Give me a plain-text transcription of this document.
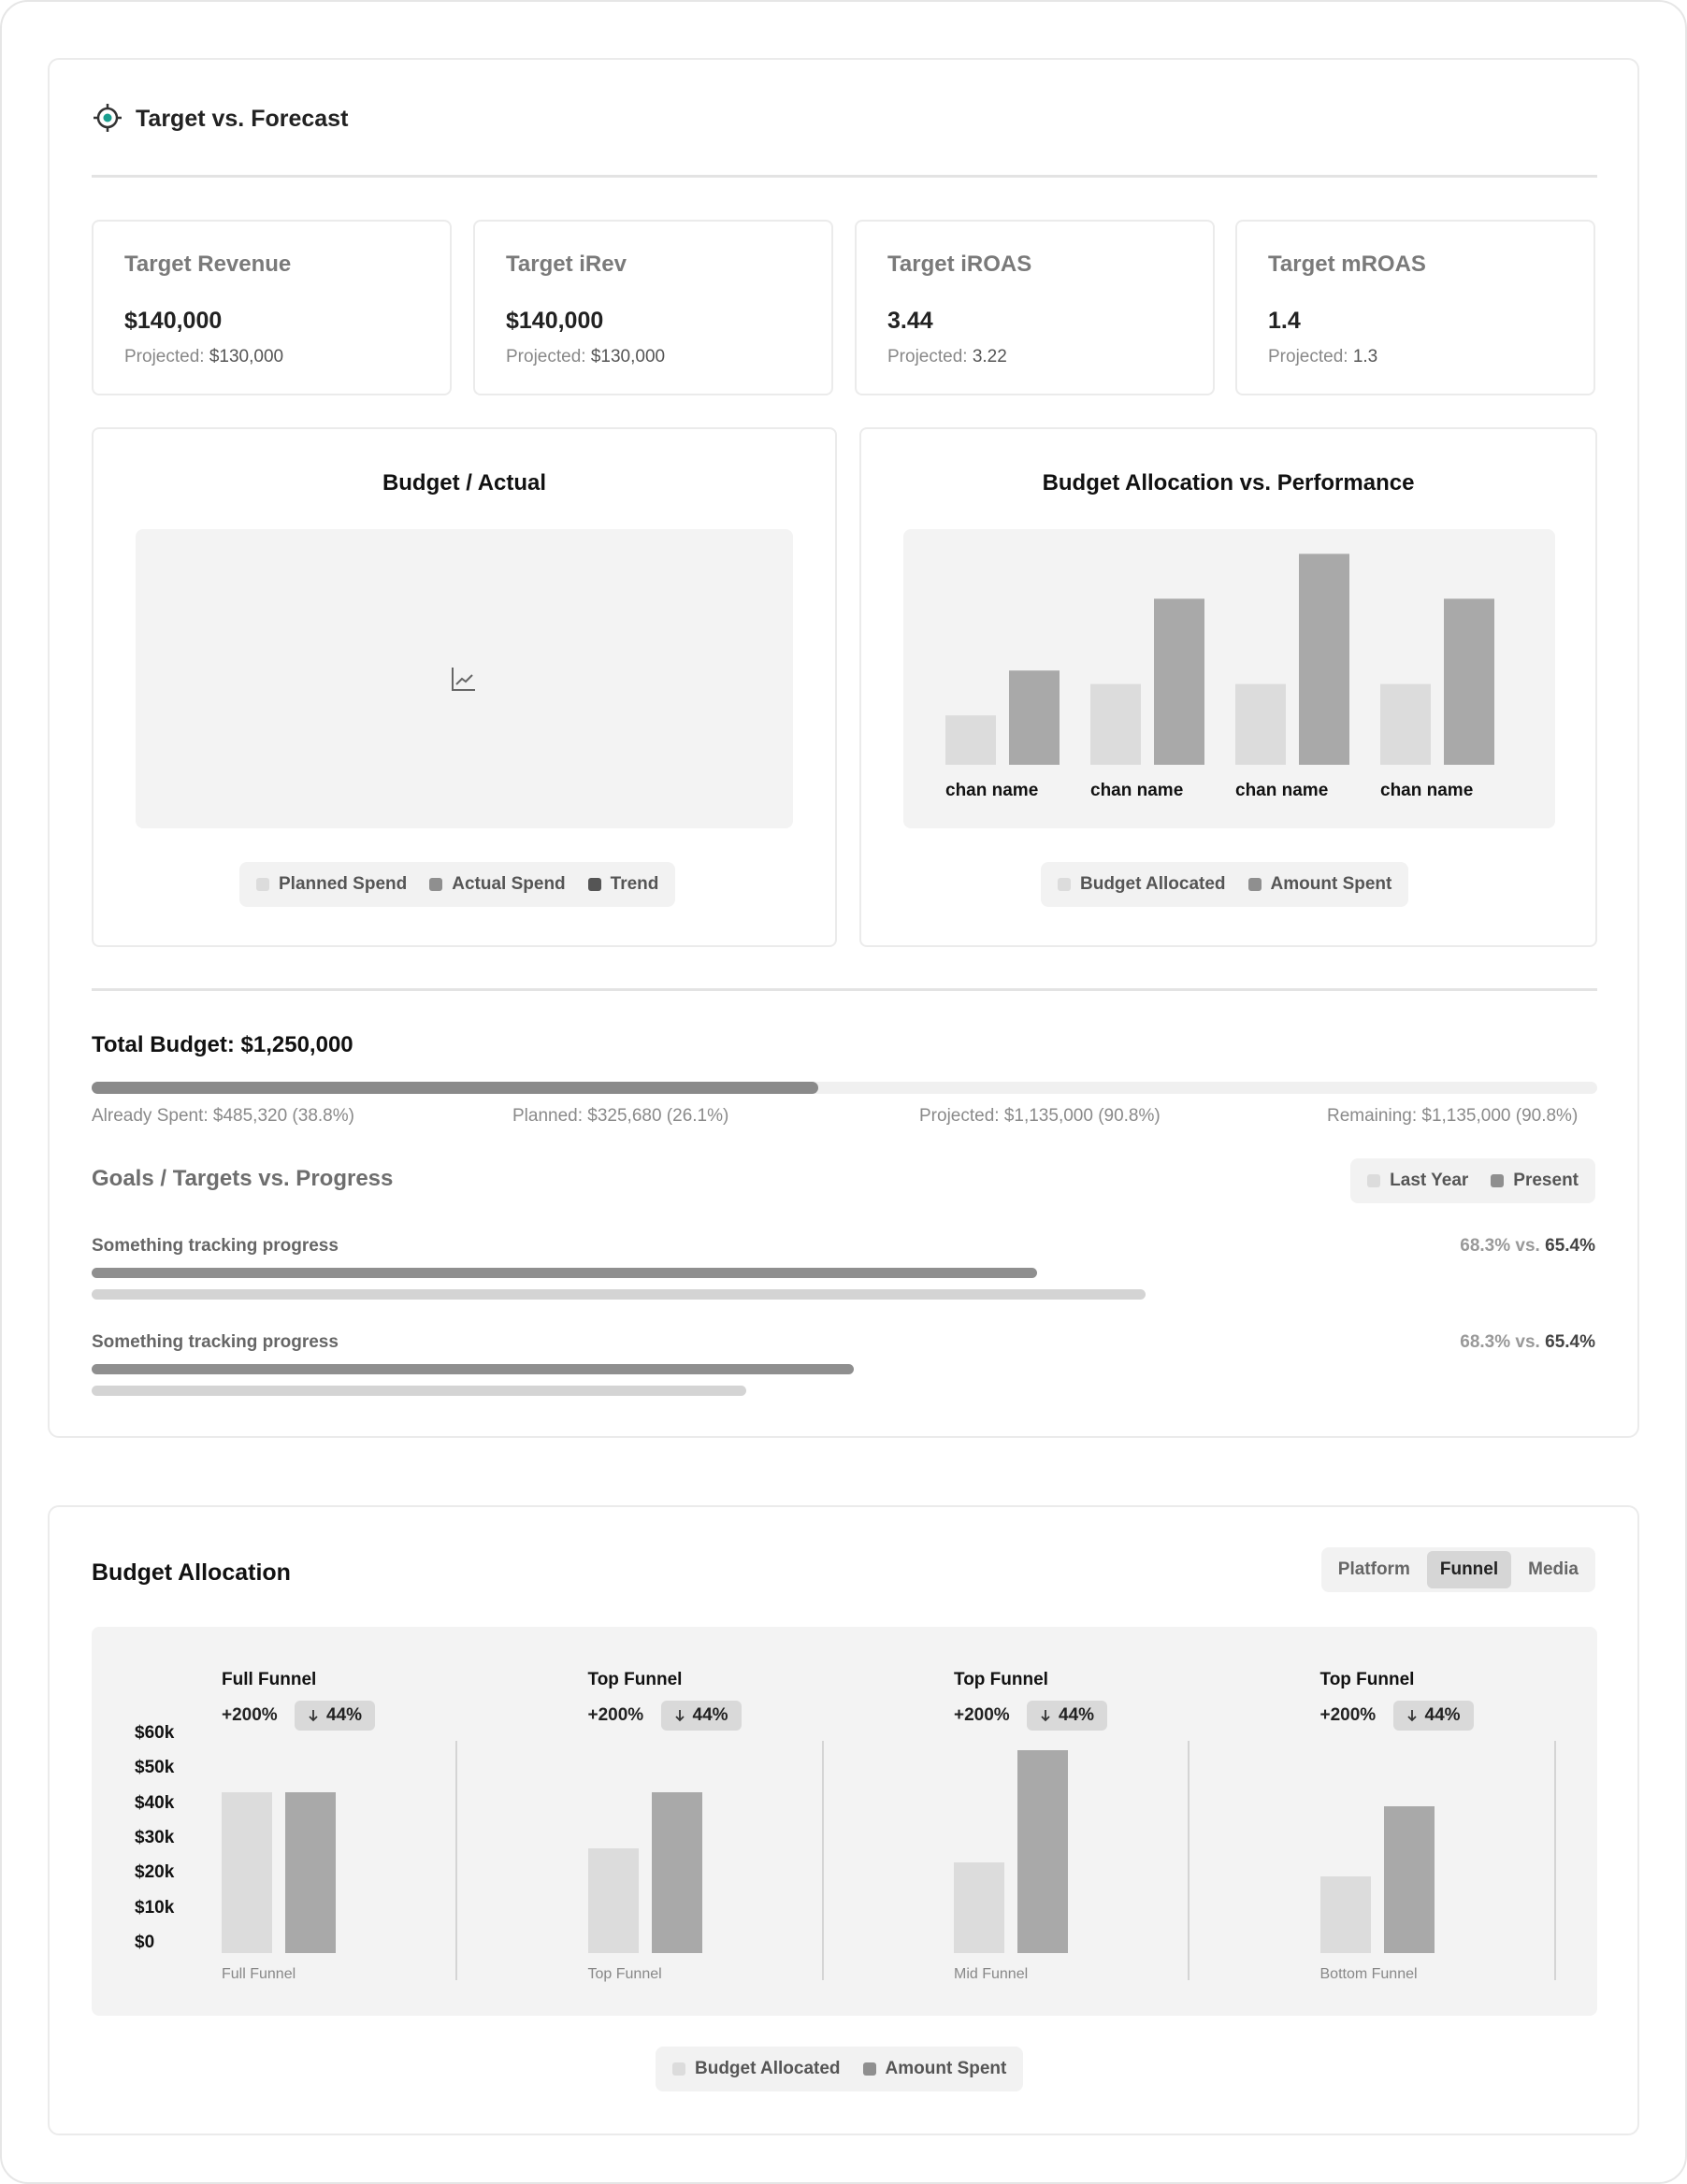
Target vs. Forecast
Target Revenue
$140,000
Projected: $130,000
Target iRev
$140,000
Projected: $130,000
Target iROAS
3.44
Projected: 3.22
Target mROAS
1.4
Projected: 1.3
Budget / Actual
Planned Spend	Actual Spend	Trend
Budget Allocation vs. Performance
chan name	chan name	chan name	chan name
Budget Allocated	Amount Spent
Total Budget: $1,250,000
Already Spent: $485,320 (38.8%)	Planned: $325,680 (26.1%)	Projected: $1,135,000 (90.8%)	Remaining: $1,135,000 (90.8%)
Goals / Targets vs. Progress	Last Year	Present
Something tracking progress	68.3% vs. 65.4%
Something tracking progress	68.3% vs. 65.4%
Budget Allocation	Platform	Funnel	Media
$60k
$50k
$40k
$30k
$20k
$10k
$0
Full Funnel
+200%	44%
Full Funnel
Top Funnel
+200%	44%
Top Funnel
Top Funnel
+200%	44%
Mid Funnel
Top Funnel
+200%	44%
Bottom Funnel
Budget Allocated	Amount Spent
